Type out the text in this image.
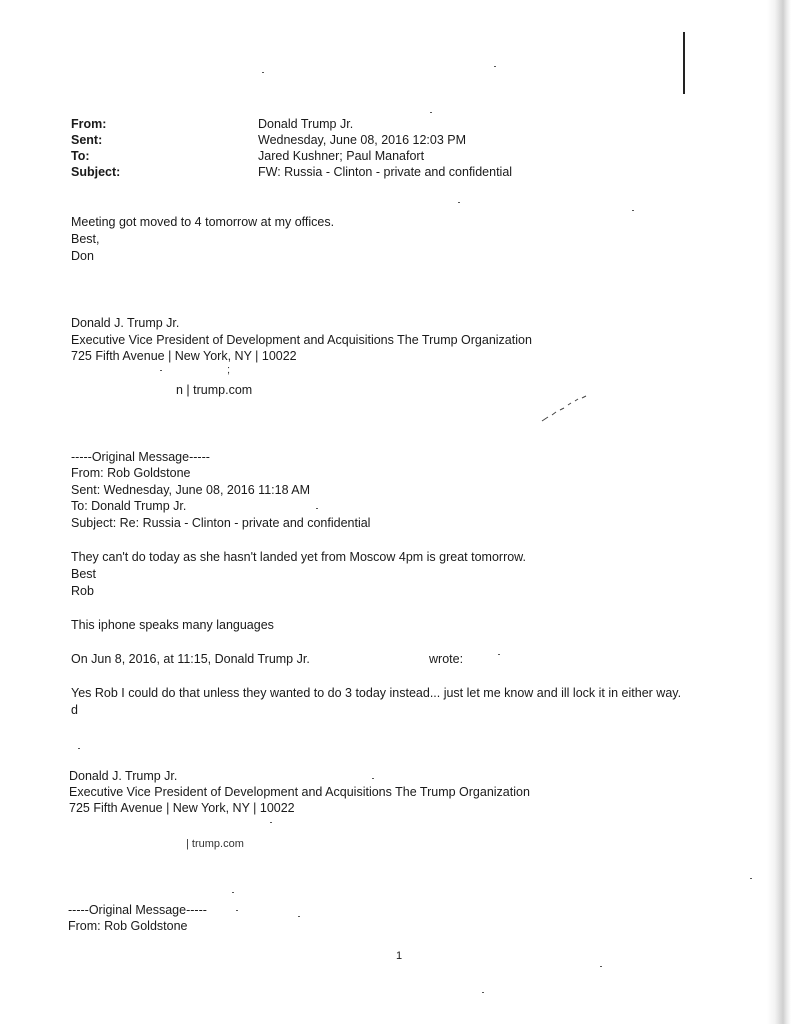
From:
Sent:
To:
Subject:
Donald Trump Jr.
Wednesday, June 08, 2016 12:03 PM
Jared Kushner; Paul Manafort
FW: Russia - Clinton - private and confidential
Meeting got moved to 4 tomorrow at my offices.
Best,
Don
Donald J. Trump Jr.
Executive Vice President of Development and Acquisitions The Trump Organization
725 Fifth Avenue | New York, NY | 10022
;
n | trump.com
-----Original Message-----
From: Rob Goldstone
Sent: Wednesday, June 08, 2016 11:18 AM
To: Donald Trump Jr.
Subject: Re: Russia - Clinton - private and confidential
They can't do today as she hasn't landed yet from Moscow 4pm is great tomorrow.
Best
Rob
This iphone speaks many languages
On Jun 8, 2016, at 11:15, Donald Trump Jr.	wrote:
Yes Rob I could do that unless they wanted to do 3 today instead... just let me know and ill lock it in either way.
d
Donald J. Trump Jr.
Executive Vice President of Development and Acquisitions The Trump Organization
725 Fifth Avenue | New York, NY | 10022
| trump.com
-----Original Message-----
From: Rob Goldstone
1
